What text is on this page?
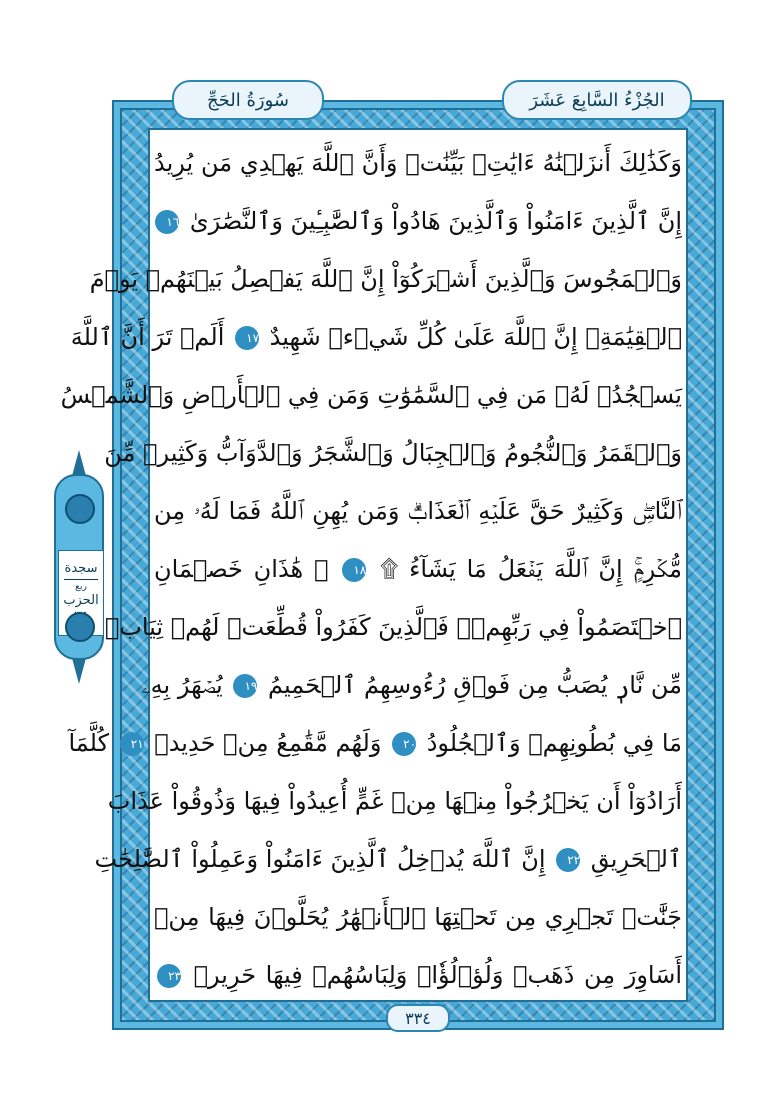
سُورَةُ الحَجِّ	الجُزْءُ السَّابِعَ عَشَرَ
وَكَذَٰلِكَ أَنزَلۡنَٰهُ ءَايَٰتِۭ بَيِّنَٰتٖ وَأَنَّ ٱللَّهَ يَهۡدِي مَن يُرِيدُ
إِنَّ ٱلَّذِينَ ءَامَنُواْ وَٱلَّذِينَ هَادُواْ وَٱلصَّٰبِـِٔينَ وَٱلنَّصَٰرَىٰ ١٦
وَٱلۡمَجُوسَ وَٱلَّذِينَ أَشۡرَكُوٓاْ إِنَّ ٱللَّهَ يَفۡصِلُ بَيۡنَهُمۡ يَوۡمَ
ٱلۡقِيَٰمَةِۚ إِنَّ ٱللَّهَ عَلَىٰ كُلِّ شَيۡءٖ شَهِيدٌ ١٧ أَلَمۡ تَرَ أَنَّ ٱللَّهَ
يَسۡجُدُۤ لَهُۥ مَن فِي ٱلسَّمَٰوَٰتِ وَمَن فِي ٱلۡأَرۡضِ وَٱلشَّمۡسُ
وَٱلۡقَمَرُ وَٱلنُّجُومُ وَٱلۡجِبَالُ وَٱلشَّجَرُ وَٱلدَّوَآبُّ وَكَثِيرٞ مِّنَ
ٱلنَّاسِۖ وَكَثِيرٌ حَقَّ عَلَيۡهِ ٱلۡعَذَابُۗ وَمَن يُهِنِ ٱللَّهُ فَمَا لَهُۥ مِن
مُّكۡرِمٍۚ إِنَّ ٱللَّهَ يَفۡعَلُ مَا يَشَآءُ ۩ ١٨ ۞ هَٰذَانِ خَصۡمَانِ
ٱخۡتَصَمُواْ فِي رَبِّهِمۡۖ فَٱلَّذِينَ كَفَرُواْ قُطِّعَتۡ لَهُمۡ ثِيَابٞ
مِّن نَّارٖ يُصَبُّ مِن فَوۡقِ رُءُوسِهِمُ ٱلۡحَمِيمُ ١٩ يُصۡهَرُ بِهِۦ
مَا فِي بُطُونِهِمۡ وَٱلۡجُلُودُ ٢٠ وَلَهُم مَّقَٰمِعُ مِنۡ حَدِيدٖ ٢١ كُلَّمَآ
أَرَادُوٓاْ أَن يَخۡرُجُواْ مِنۡهَا مِنۡ غَمٍّ أُعِيدُواْ فِيهَا وَذُوقُواْ عَذَابَ
ٱلۡحَرِيقِ ٢٢ إِنَّ ٱللَّهَ يُدۡخِلُ ٱلَّذِينَ ءَامَنُواْ وَعَمِلُواْ ٱلصَّٰلِحَٰتِ
جَنَّٰتٖ تَجۡرِي مِن تَحۡتِهَا ٱلۡأَنۡهَٰرُ يُحَلَّوۡنَ فِيهَا مِنۡ
أَسَاوِرَ مِن ذَهَبٖ وَلُؤۡلُؤٗاۖ وَلِبَاسُهُمۡ فِيهَا حَرِيرٞ ٢٣
سجدة
ربع
الحزب
٣٣٤
